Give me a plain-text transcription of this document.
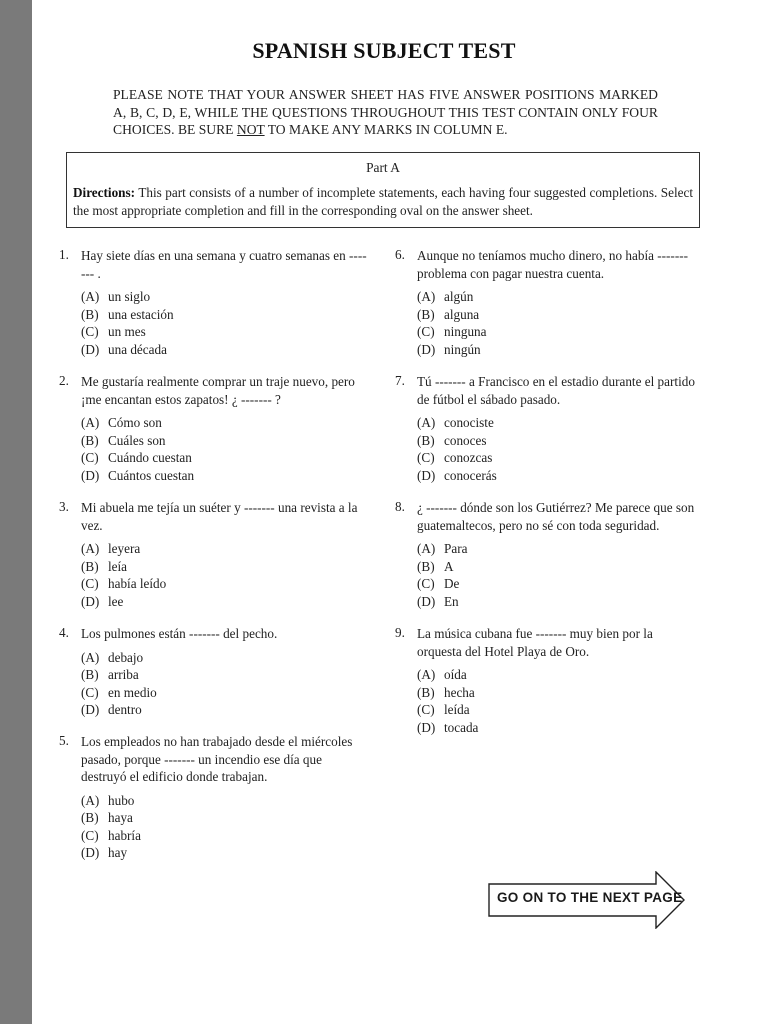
SPANISH SUBJECT TEST
PLEASE NOTE THAT YOUR ANSWER SHEET HAS FIVE ANSWER POSITIONS MARKED A, B, C, D, E, WHILE THE QUESTIONS THROUGHOUT THIS TEST CONTAIN ONLY FOUR CHOICES. BE SURE NOT TO MAKE ANY MARKS IN COLUMN E.
Part A
Directions: This part consists of a number of incomplete statements, each having four suggested completions. Select the most appropriate completion and fill in the corresponding oval on the answer sheet.
1. Hay siete días en una semana y cuatro semanas en ------- .
(A) un siglo
(B) una estación
(C) un mes
(D) una década
2. Me gustaría realmente comprar un traje nuevo, pero ¡me encantan estos zapatos! ¿ ------- ?
(A) Cómo son
(B) Cuáles son
(C) Cuándo cuestan
(D) Cuántos cuestan
3. Mi abuela me tejía un suéter y ------- una revista a la vez.
(A) leyera
(B) leía
(C) había leído
(D) lee
4. Los pulmones están ------- del pecho.
(A) debajo
(B) arriba
(C) en medio
(D) dentro
5. Los empleados no han trabajado desde el miércoles pasado, porque ------- un incendio ese día que destruyó el edificio donde trabajan.
(A) hubo
(B) haya
(C) habría
(D) hay
6. Aunque no teníamos mucho dinero, no había ------- problema con pagar nuestra cuenta.
(A) algún
(B) alguna
(C) ninguna
(D) ningún
7. Tú ------- a Francisco en el estadio durante el partido de fútbol el sábado pasado.
(A) conociste
(B) conoces
(C) conozcas
(D) conocerás
8. ¿ ------- dónde son los Gutiérrez? Me parece que son guatemaltecos, pero no sé con toda seguridad.
(A) Para
(B) A
(C) De
(D) En
9. La música cubana fue ------- muy bien por la orquesta del Hotel Playa de Oro.
(A) oída
(B) hecha
(C) leída
(D) tocada
GO ON TO THE NEXT PAGE
